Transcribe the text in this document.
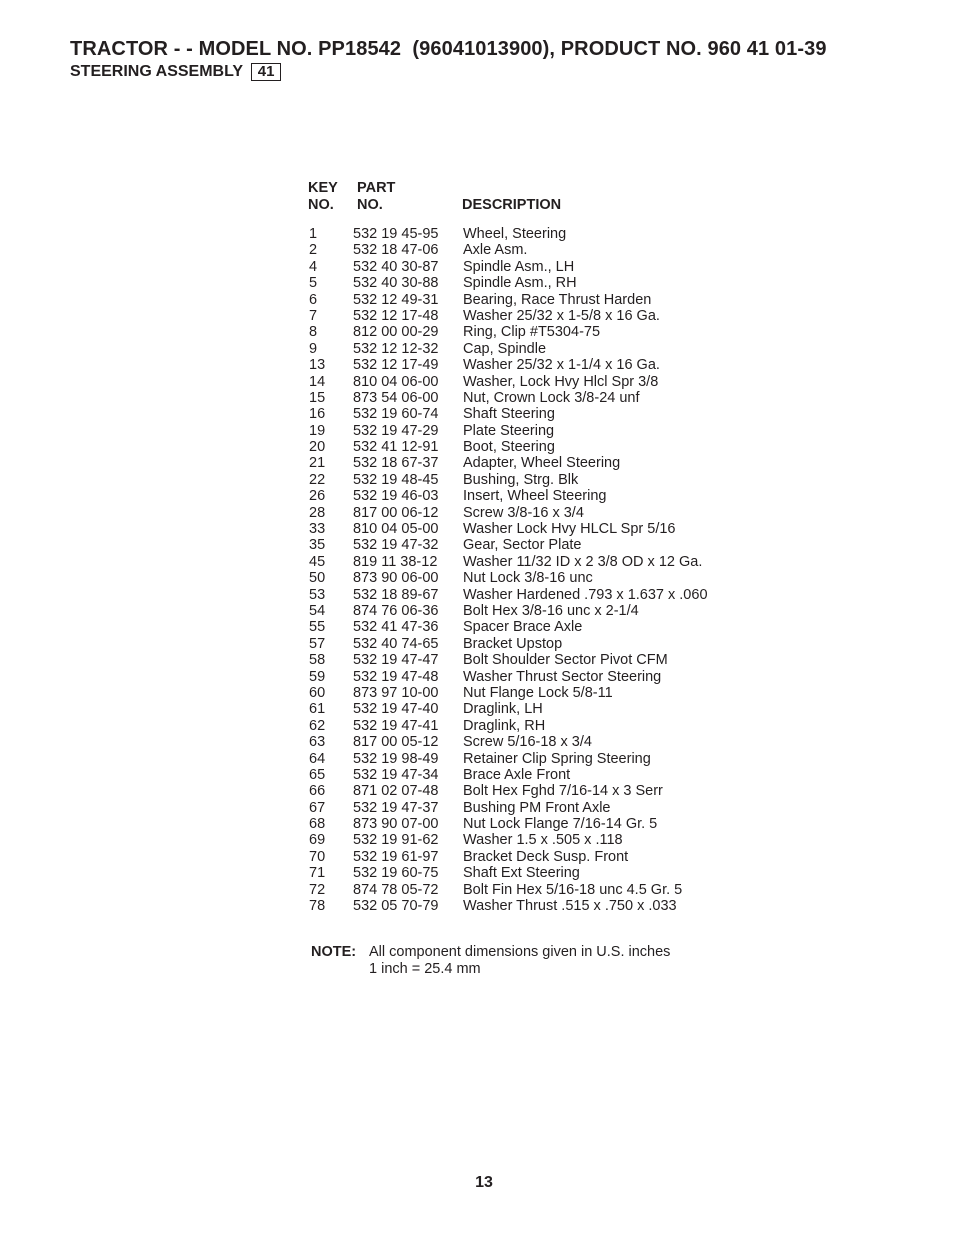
TRACTOR - - MODEL NO. PP18542  (96041013900), PRODUCT NO. 960 41 01-39
STEERING ASSEMBLY 41
KEY
NO.
PART
NO.	DESCRIPTION
1 532 19 45-95 Wheel, Steering
2 532 18 47-06 Axle Asm.
4 532 40 30-87 Spindle Asm., LH
5 532 40 30-88 Spindle Asm., RH
6 532 12 49-31 Bearing, Race Thrust Harden
7 532 12 17-48 Washer 25/32 x 1-5/8 x 16 Ga.
8 812 00 00-29 Ring, Clip #T5304-75
9 532 12 12-32 Cap, Spindle
13 532 12 17-49 Washer 25/32 x 1-1/4 x 16 Ga.
14 810 04 06-00 Washer, Lock Hvy Hlcl Spr 3/8
15 873 54 06-00 Nut, Crown Lock 3/8-24 unf
16 532 19 60-74 Shaft Steering
19 532 19 47-29 Plate Steering
20 532 41 12-91 Boot, Steering
21 532 18 67-37 Adapter, Wheel Steering
22 532 19 48-45 Bushing, Strg. Blk
26 532 19 46-03 Insert, Wheel Steering
28 817 00 06-12 Screw 3/8-16 x 3/4
33 810 04 05-00 Washer Lock Hvy HLCL Spr 5/16
35 532 19 47-32 Gear, Sector Plate
45 819 11 38-12 Washer 11/32 ID x 2 3/8 OD x 12 Ga.
50 873 90 06-00 Nut Lock 3/8-16 unc
53 532 18 89-67 Washer Hardened .793 x 1.637 x .060
54 874 76 06-36 Bolt Hex 3/8-16 unc x 2-1/4
55 532 41 47-36 Spacer Brace Axle
57 532 40 74-65 Bracket Upstop
58 532 19 47-47 Bolt Shoulder Sector Pivot CFM
59 532 19 47-48 Washer Thrust Sector Steering
60 873 97 10-00 Nut Flange Lock 5/8-11
61 532 19 47-40 Draglink, LH
62 532 19 47-41 Draglink, RH
63 817 00 05-12 Screw 5/16-18 x 3/4
64 532 19 98-49 Retainer Clip Spring Steering
65 532 19 47-34 Brace Axle Front
66 871 02 07-48 Bolt Hex Fghd 7/16-14 x 3 Serr
67 532 19 47-37 Bushing PM Front Axle
68 873 90 07-00 Nut Lock Flange 7/16-14 Gr. 5
69 532 19 91-62 Washer 1.5 x .505 x .118
70 532 19 61-97 Bracket Deck Susp. Front
71 532 19 60-75 Shaft Ext Steering
72 874 78 05-72 Bolt Fin Hex 5/16-18 unc 4.5 Gr. 5
78 532 05 70-79 Washer Thrust .515 x .750 x .033
NOTE: All component dimensions given in U.S. inches
1 inch = 25.4 mm
13
